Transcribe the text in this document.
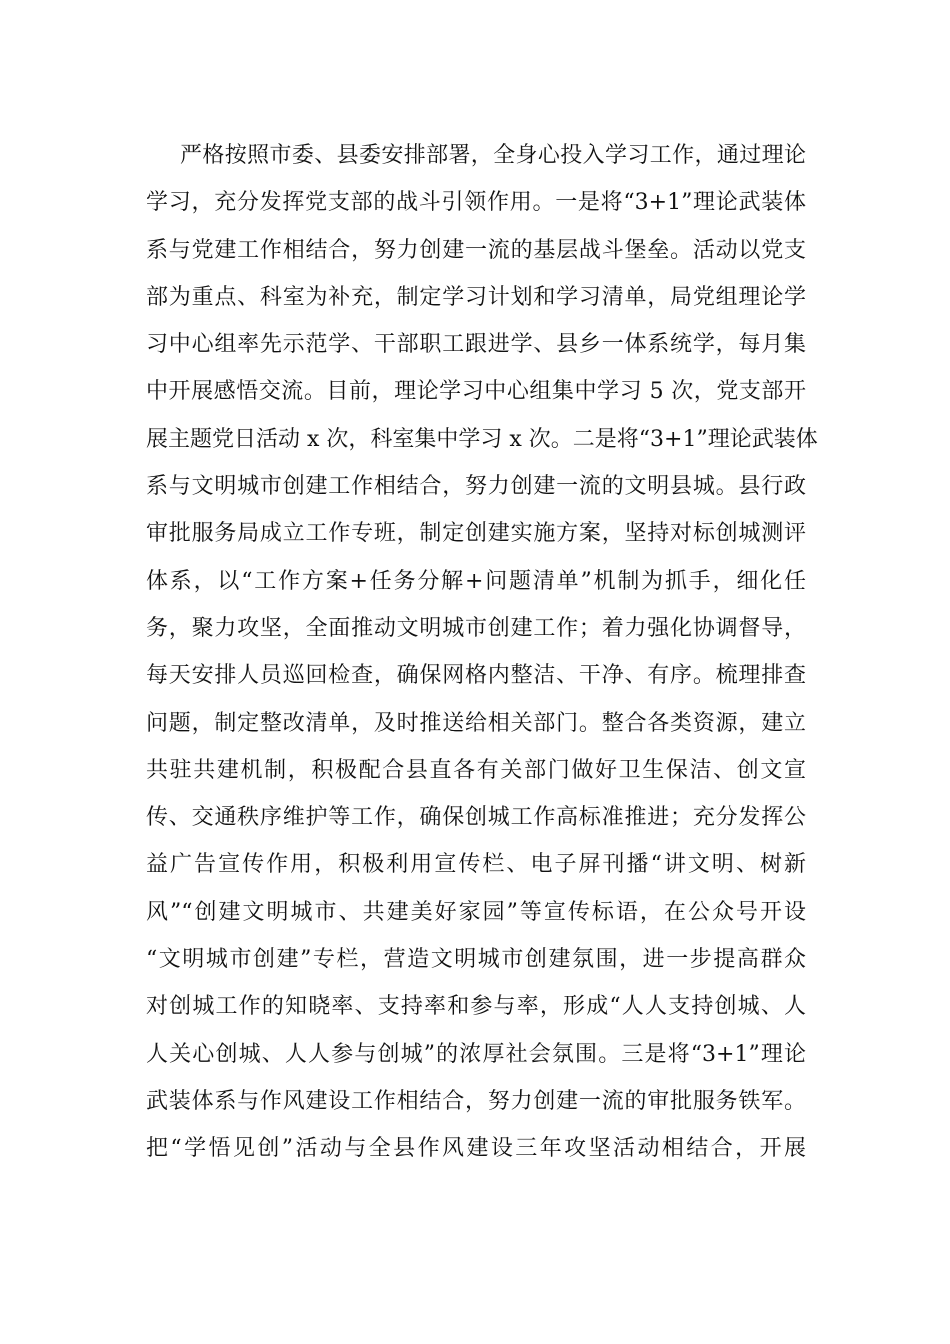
严格按照市委、县委安排部署，全身心投入学习工作，通过理论
学习，充分发挥党支部的战斗引领作用。一是将“3+1”理论武装体
系与党建工作相结合，努力创建一流的基层战斗堡垒。活动以党支
部为重点、科室为补充，制定学习计划和学习清单，局党组理论学
习中心组率先示范学、干部职工跟进学、县乡一体系统学，每月集
中开展感悟交流。目前，理论学习中心组集中学习 5 次，党支部开
展主题党日活动 x 次，科室集中学习 x 次。二是将“3+1”理论武装体
系与文明城市创建工作相结合，努力创建一流的文明县城。县行政
审批服务局成立工作专班，制定创建实施方案，坚持对标创城测评
体系，以“工作方案+任务分解+问题清单”机制为抓手，细化任
务，聚力攻坚，全面推动文明城市创建工作；着力强化协调督导，
每天安排人员巡回检查，确保网格内整洁、干净、有序。梳理排查
问题，制定整改清单，及时推送给相关部门。整合各类资源，建立
共驻共建机制，积极配合县直各有关部门做好卫生保洁、创文宣
传、交通秩序维护等工作，确保创城工作高标准推进；充分发挥公
益广告宣传作用，积极利用宣传栏、电子屏刊播“讲文明、树新
风”“创建文明城市、共建美好家园”等宣传标语，在公众号开设
“文明城市创建”专栏，营造文明城市创建氛围，进一步提高群众
对创城工作的知晓率、支持率和参与率，形成“人人支持创城、人
人关心创城、人人参与创城”的浓厚社会氛围。三是将“3+1”理论
武装体系与作风建设工作相结合，努力创建一流的审批服务铁军。
把“学悟见创”活动与全县作风建设三年攻坚活动相结合，开展
